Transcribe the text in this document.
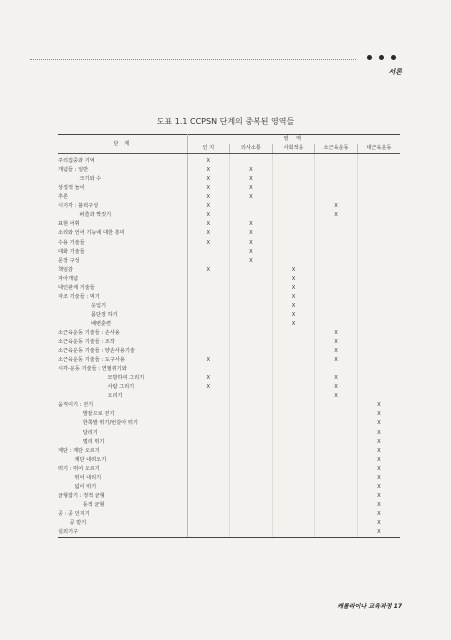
서론
도표 1.1 CCPSN 단계의 중복된 영역들
단 계	영 역				
	인 지	의사소통	사회적응	소근육운동	대근육운동
주의집중과 기억	X				
개념들 : 일반	X	X			
크기와 수	X	X			
상징적 놀이	X	X			
추론	X	X			
시지각 : 블럭구성	X			X	
퍼즐과 짝짓기	X			X	
표현 어휘	X	X			
소리와 언어 기능에 대한 흥미	X	X			
수용 기술들	X	X			
대화 기술들		X			
문장 구성		X			
책임감	X		X		
자아개념			X		
대인관계 기술들			X		
자조 기술들 : 먹기			X		
옷입기			X		
몸단장 하기			X		
배변훈련			X		
소근육운동 기술들 : 손사용				X	
소근육운동 기술들 : 조작				X	
소근육운동 기술들 : 양손사용기술				X	
소근육운동 기술들 : 도구사용	X			X	
시각-운동 기술들 : 연필쥐기와					
모방하여 그리기	X			X	
사람 그리기	X			X	
오리기				X	
움직이기 : 걷기					X
발끝으로 걷기					X
한쪽발 뛰기/번갈아 뛰기					X
달리기					X
멀리 뛰기					X
계단 : 계단 오르기					X
계단 내려오기					X
뛰기 : 뛰어 오르기					X
뛰어 내리기					X
넓이 뛰기					X
균형잡기 : 정적 균형					X
동적 균형					X
공 : 공 던지기					X
공 받기					X
실외기구					X
캐롤라이나 교육과정 17
